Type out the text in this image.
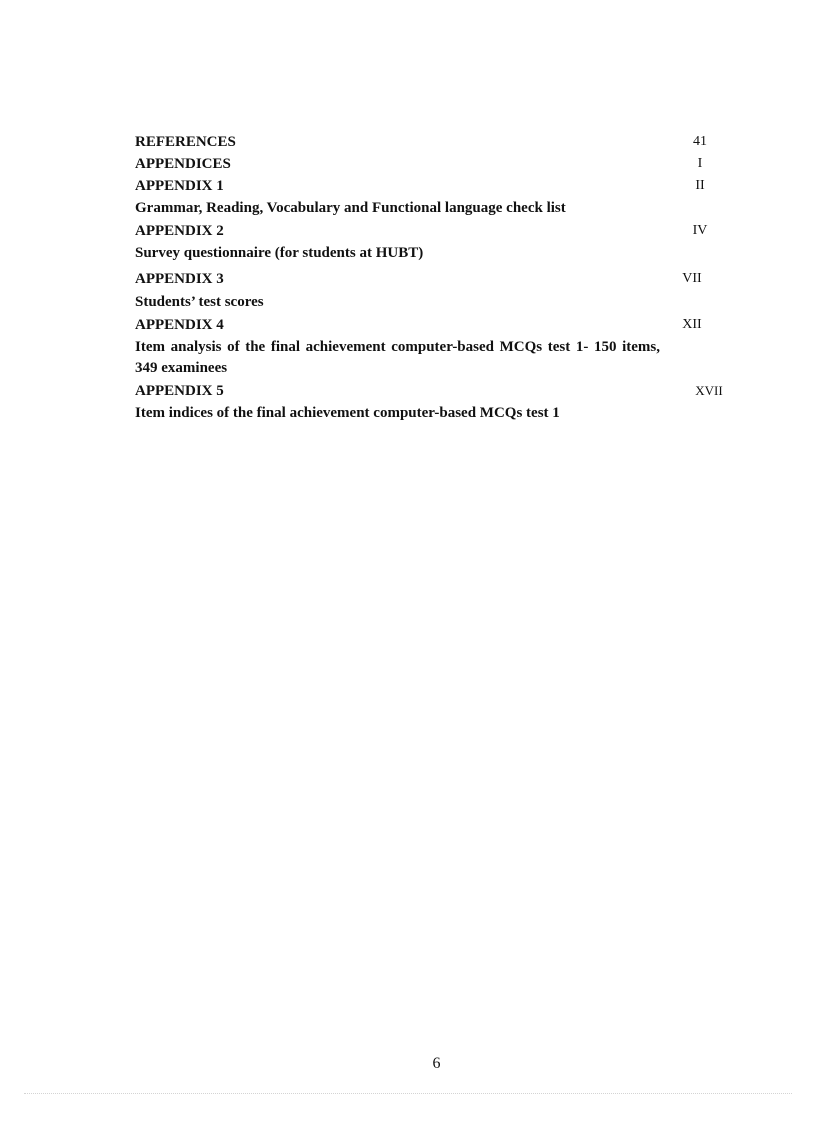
REFERENCES	41
APPENDICES	I
APPENDIX 1	II
Grammar, Reading, Vocabulary and Functional language check list
APPENDIX 2	IV
Survey questionnaire (for students at HUBT)
APPENDIX 3	VII
Students’ test scores
APPENDIX 4	XII
Item analysis of the final achievement computer-based MCQs test 1- 150 items, 349 examinees
APPENDIX 5	XVII
Item indices of the final achievement computer-based MCQs test 1
6
